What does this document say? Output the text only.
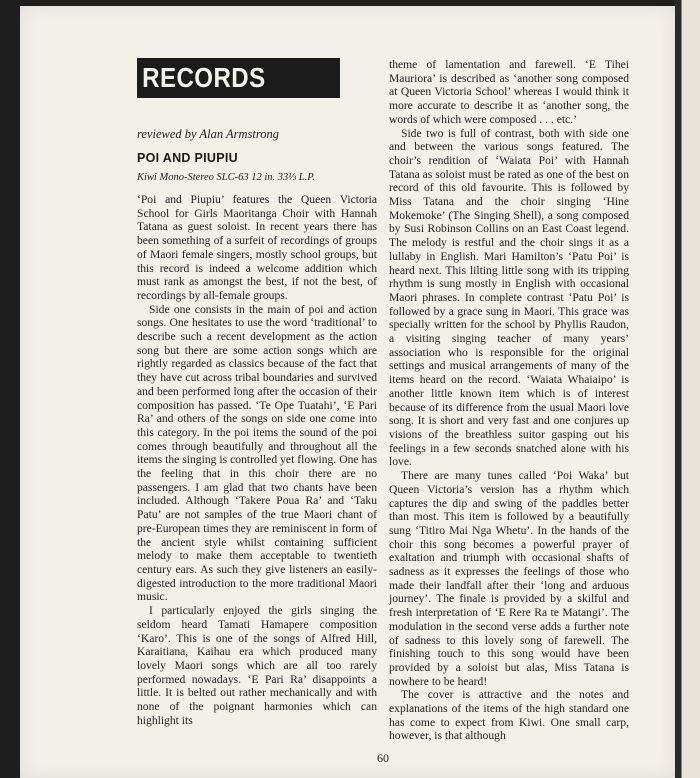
RECORDS
reviewed by Alan Armstrong
POI AND PIUPIU
Kiwi Mono-Stereo SLC-63 12 in. 33⅓ L.P.

‘Poi and Piupiu’ features the Queen Victoria School for Girls Maoritanga Choir with Hannah Tatana as guest soloist. In recent years there has been something of a surfeit of recordings of groups of Maori female singers, mostly school groups, but this record is indeed a welcome addition which must rank as amongst the best, if not the best, of recordings by all-female groups.

Side one consists in the main of poi and action songs. One hesitates to use the word ‘traditional’ to describe such a recent development as the action song but there are some action songs which are rightly regarded as classics because of the fact that they have cut across tribal boundaries and survived and been performed long after the occasion of their composition has passed. ‘Te Ope Tuatahi’, ‘E Pari Ra’ and others of the songs on side one come into this category. In the poi items the sound of the poi comes through beautifully and throughout all the items the singing is controlled yet flowing. One has the feeling that in this choir there are no passengers. I am glad that two chants have been included. Although ‘Takere Poua Ra’ and ‘Taku Patu’ are not samples of the true Maori chant of pre-European times they are reminiscent in form of the ancient style whilst containing sufficient melody to make them acceptable to twentieth century ears. As such they give listeners an easily-digested introduction to the more traditional Maori music.

I particularly enjoyed the girls singing the seldom heard Tamati Hamapere composition ‘Karo’. This is one of the songs of Alfred Hill, Karaitiana, Kaihau era which produced many lovely Maori songs which are all too rarely performed nowadays. ‘E Pari Ra’ disappoints a little. It is belted out rather mechanically and with none of the poignant harmonies which can highlight its

theme of lamentation and farewell. ‘E Tihei Mauriora’ is described as ‘another song composed at Queen Victoria School’ whereas I would think it more accurate to describe it as ‘another song, the words of which were composed . . . etc.’

Side two is full of contrast, both with side one and between the various songs featured. The choir’s rendition of ‘Waiata Poi’ with Hannah Tatana as soloist must be rated as one of the best on record of this old favourite. This is followed by Miss Tatana and the choir singing ‘Hine Mokemoke’ (The Singing Shell), a song composed by Susi Robinson Collins on an East Coast legend. The melody is restful and the choir sings it as a lullaby in English. Mari Hamilton’s ‘Patu Poi’ is heard next. This lilting little song with its tripping rhythm is sung mostly in English with occasional Maori phrases. In complete contrast ‘Patu Poi’ is followed by a grace sung in Maori. This grace was specially written for the school by Phyllis Raudon, a visiting singing teacher of many years’ association who is responsible for the original settings and musical arrangements of many of the items heard on the record. ‘Waiata Whaiaipo’ is another little known item which is of interest because of its difference from the usual Maori love song. It is short and very fast and one conjures up visions of the breathless suitor gasping out his feelings in a few seconds snatched alone with his love.

There are many tunes called ‘Poi Waka’ but Queen Victoria’s version has a rhythm which captures the dip and swing of the paddles better than most. This item is followed by a beautifully sung ‘Titiro Mai Nga Whetu’. In the hands of the choir this song becomes a powerful prayer of exaltation and triumph with occasional shafts of sadness as it expresses the feelings of those who made their landfall after their ‘long and arduous journey’. The finale is provided by a skilful and fresh interpretation of ‘E Rere Ra te Matangi’. The modulation in the second verse adds a further note of sadness to this lovely song of farewell. The finishing touch to this song would have been provided by a soloist but alas, Miss Tatana is nowhere to be heard!

The cover is attractive and the notes and explanations of the items of the high standard one has come to expect from Kiwi. One small carp, however, is that although

60
